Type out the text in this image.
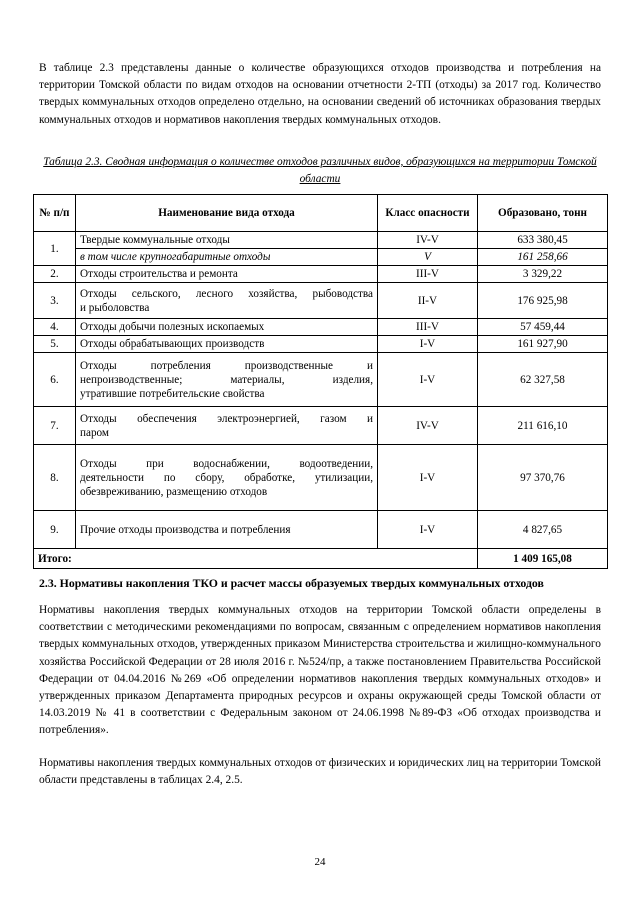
В таблице 2.3 представлены данные о количестве образующихся отходов производства и потребления на территории Томской области по видам отходов на основании отчетности 2-ТП (отходы) за 2017 год. Количество твердых коммунальных отходов определено отдельно, на основании сведений об источниках образования твердых коммунальных отходов и нормативов накопления твердых коммунальных отходов.

Таблица 2.3. Сводная информация о количестве отходов различных видов, образующихся на территории Томской области

№ п/п	Наименование вида отхода	Класс опасности	Образовано, тонн
1.	Твердые коммунальные отходы	IV-V	633 380,45
	в том числе крупногабаритные отходы	V	161 258,66
2.	Отходы строительства и ремонта	III-V	3 329,22
3.	Отходы сельского, лесного хозяйства, рыбоводства
и рыболовства	II-V	176 925,98
4.	Отходы добычи полезных ископаемых	III-V	57 459,44
5.	Отходы обрабатывающих производств	I-V	161 927,90
6.	Отходы потребления производственные и
непроизводственные; материалы, изделия,
утратившие потребительские свойства	I-V	62 327,58
7.	Отходы обеспечения электроэнергией, газом и
паром	IV-V	211 616,10
8.	Отходы при водоснабжении, водоотведении,
деятельности по сбору, обработке, утилизации,
обезвреживанию, размещению отходов	I-V	97 370,76
9.	Прочие отходы производства и потребления	I-V	4 827,65
Итого:			1 409 165,08
2.3. Нормативы накопления ТКО и расчет массы образуемых твердых коммунальных отходов

Нормативы накопления твердых коммунальных отходов на территории Томской области определены в соответствии с методическими рекомендациями по вопросам, связанным с определением нормативов накопления твердых коммунальных отходов, утвержденных приказом Министерства строительства и жилищно-коммунального хозяйства Российской Федерации от 28 июля 2016 г. №524/пр, а также постановлением Правительства Российской Федерации от 04.04.2016 №269 «Об определении нормативов накопления твердых коммунальных отходов» и утвержденных приказом Департамента природных ресурсов и охраны окружающей среды Томской области от 14.03.2019 № 41 в соответствии с Федеральным законом от 24.06.1998 №89-ФЗ «Об отходах производства и потребления».

Нормативы накопления твердых коммунальных отходов от физических и юридических лиц на территории Томской области представлены в таблицах 2.4, 2.5.

24
